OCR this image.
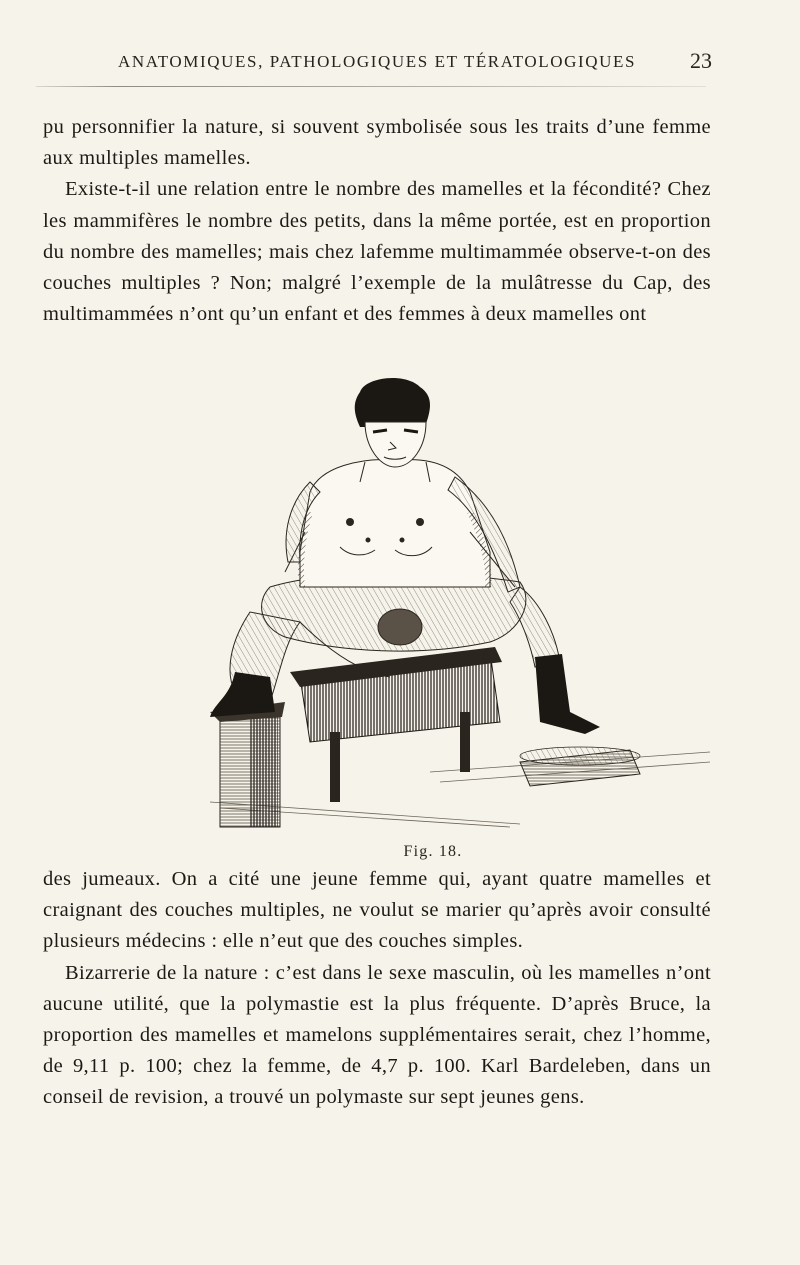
ANATOMIQUES, PATHOLOGIQUES ET TÉRATOLOGIQUES 23

pu personnifier la nature, si souvent symbolisée sous les traits d’une femme aux multiples mamelles.

Existe-t-il une relation entre le nombre des mamelles et la fécondité? Chez les mammifères le nombre des petits, dans la même portée, est en proportion du nombre des mamelles; mais chez lafemme multimammée observe-t-on des couches multiples ? Non; malgré l’exemple de la mulâtresse du Cap, des multimammées n’ont qu’un enfant et des femmes à deux mamelles ont

Fig. 18.

des jumeaux. On a cité une jeune femme qui, ayant quatre mamelles et craignant des couches multiples, ne voulut se marier qu’après avoir consulté plusieurs médecins : elle n’eut que des couches simples.

Bizarrerie de la nature : c’est dans le sexe masculin, où les mamelles n’ont aucune utilité, que la polymastie est la plus fréquente. D’après Bruce, la proportion des mamelles et mamelons supplémentaires serait, chez l’homme, de 9,11 p. 100; chez la femme, de 4,7 p. 100. Karl Bardeleben, dans un conseil de revision, a trouvé un polymaste sur sept jeunes gens.
